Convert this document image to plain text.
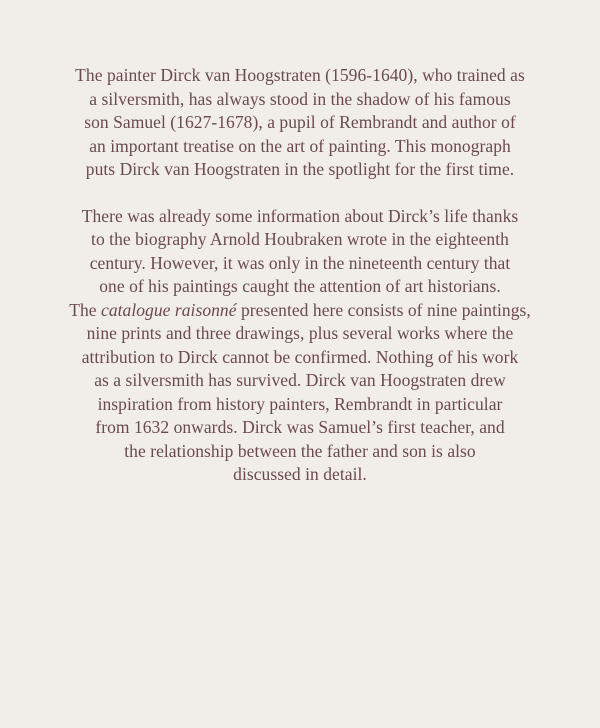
The painter Dirck van Hoogstraten (1596-1640), who trained as
a silversmith, has always stood in the shadow of his famous
son Samuel (1627-1678), a pupil of Rembrandt and author of
an important treatise on the art of painting. This monograph
puts Dirck van Hoogstraten in the spotlight for the first time.

There was already some information about Dirck’s life thanks
to the biography Arnold Houbraken wrote in the eighteenth
century. However, it was only in the nineteenth century that
one of his paintings caught the attention of art historians.
The catalogue raisonné presented here consists of nine paintings,
nine prints and three drawings, plus several works where the
attribution to Dirck cannot be confirmed. Nothing of his work
as a silversmith has survived. Dirck van Hoogstraten drew
inspiration from history painters, Rembrandt in particular
from 1632 onwards. Dirck was Samuel’s first teacher, and
the relationship between the father and son is also
discussed in detail.
